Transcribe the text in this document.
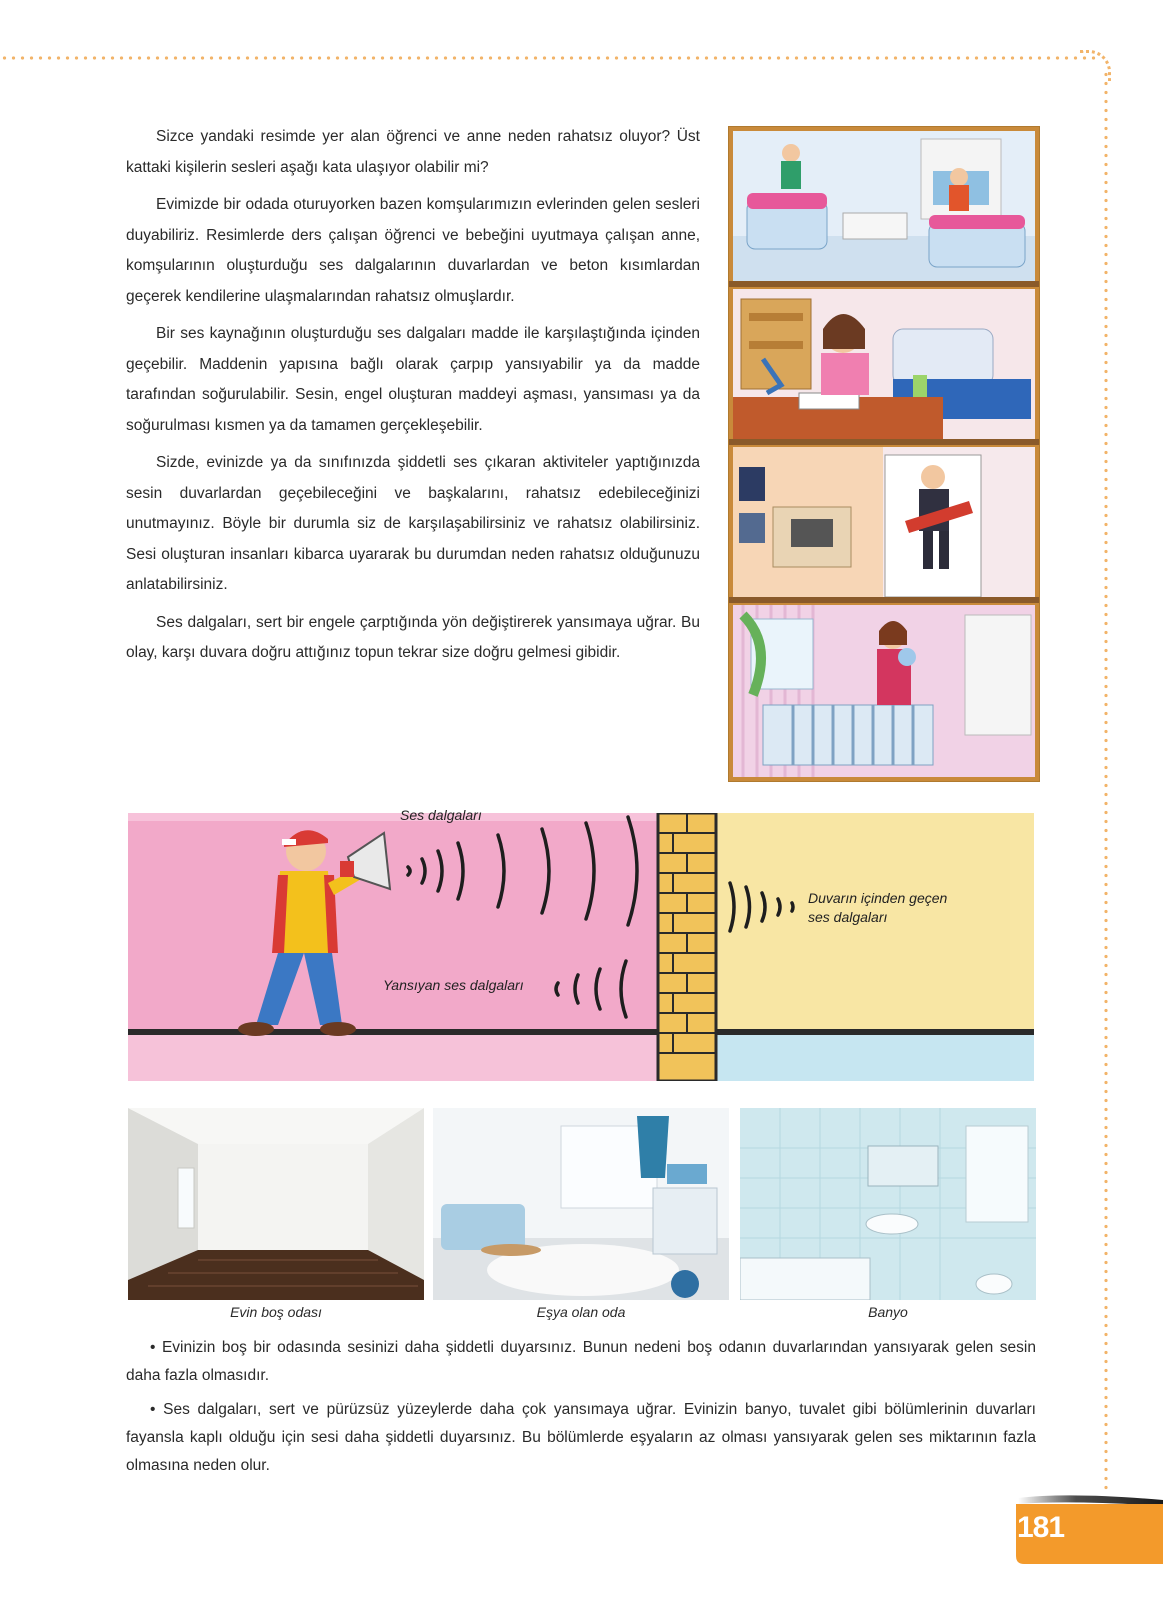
Sizce yandaki resimde yer alan öğrenci ve anne neden rahatsız oluyor? Üst kattaki kişilerin sesleri aşağı kata ulaşıyor olabilir mi?

Evimizde bir odada oturuyorken bazen komşularımızın evlerinden gelen sesleri duyabiliriz. Resimlerde ders çalışan öğrenci ve bebeğini uyutmaya çalışan anne, komşularının oluşturduğu ses dalgalarının duvarlardan ve beton kısımlardan geçerek kendilerine ulaşmalarından rahatsız olmuşlardır.

Bir ses kaynağının oluşturduğu ses dalgaları madde ile karşılaştığında içinden geçebilir. Maddenin yapısına bağlı olarak çarpıp yansıyabilir ya da madde tarafından soğurulabilir. Sesin, engel oluşturan maddeyi aşması, yansıması ya da soğurulması kısmen ya da tamamen gerçekleşebilir.

Sizde, evinizde ya da sınıfınızda şiddetli ses çıkaran aktiviteler yaptığınızda sesin duvarlardan geçebileceğini ve başkalarını, rahatsız edebileceğinizi unutmayınız. Böyle bir durumla siz de karşılaşabilirsiniz ve rahatsız olabilirsiniz. Sesi oluşturan insanları kibarca uyararak bu durumdan neden rahatsız olduğunuzu anlatabilirsiniz.

Ses dalgaları, sert bir engele çarptığında yön değiştirerek yansımaya uğrar. Bu olay, karşı duvara doğru attığınız topun tekrar size doğru gelmesi gibidir.

Ses dalgaları
Yansıyan ses dalgaları
Duvarın içinden geçen ses dalgaları
Evin boş odası	Eşya olan oda	Banyo

• Evinizin boş bir odasında sesinizi daha şiddetli duyarsınız. Bunun nedeni boş odanın duvarlarından yansıyarak gelen sesin daha fazla olmasıdır.

• Ses dalgaları, sert ve pürüzsüz yüzeylerde daha çok yansımaya uğrar. Evinizin banyo, tuvalet gibi bölümlerinin duvarları fayansla kaplı olduğu için sesi daha şiddetli duyarsınız. Bu bölümlerde eşyaların az olması yansıyarak gelen ses miktarının fazla olmasına neden olur.

181
